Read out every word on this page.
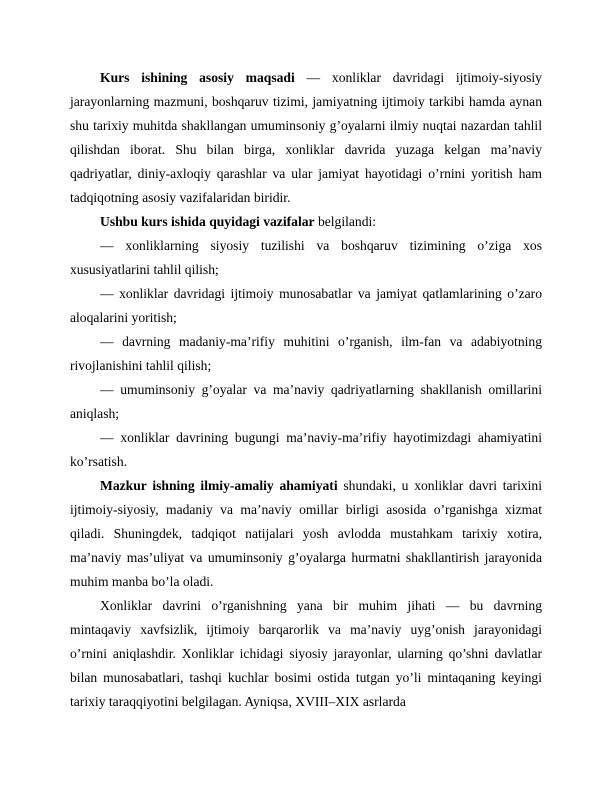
Kurs ishining asosiy maqsadi — xonliklar davridagi ijtimoiy-siyosiy jarayonlarning mazmuni, boshqaruv tizimi, jamiyatning ijtimoiy tarkibi hamda aynan shu tarixiy muhitda shakllangan umuminsoniy g’oyalarni ilmiy nuqtai nazardan tahlil qilishdan iborat. Shu bilan birga, xonliklar davrida yuzaga kelgan ma’naviy qadriyatlar, diniy-axloqiy qarashlar va ular jamiyat hayotidagi o’rnini yoritish ham tadqiqotning asosiy vazifalaridan biridir.

Ushbu kurs ishida quyidagi vazifalar belgilandi:

— xonliklarning siyosiy tuzilishi va boshqaruv tizimining o’ziga xos xususiyatlarini tahlil qilish;

— xonliklar davridagi ijtimoiy munosabatlar va jamiyat qatlamlarining o’zaro aloqalarini yoritish;

— davrning madaniy-ma’rifiy muhitini o’rganish, ilm-fan va adabiyotning rivojlanishini tahlil qilish;

— umuminsoniy g’oyalar va ma’naviy qadriyatlarning shakllanish omillarini aniqlash;

— xonliklar davrining bugungi ma’naviy-ma’rifiy hayotimizdagi ahamiyatini ko’rsatish.

Mazkur ishning ilmiy-amaliy ahamiyati shundaki, u xonliklar davri tarixini ijtimoiy-siyosiy, madaniy va ma’naviy omillar birligi asosida o’rganishga xizmat qiladi. Shuningdek, tadqiqot natijalari yosh avlodda mustahkam tarixiy xotira, ma’naviy mas’uliyat va umuminsoniy g’oyalarga hurmatni shakllantirish jarayonida muhim manba bo’la oladi.

Xonliklar davrini o’rganishning yana bir muhim jihati — bu davrning mintaqaviy xavfsizlik, ijtimoiy barqarorlik va ma’naviy uyg’onish jarayonidagi o’rnini aniqlashdir. Xonliklar ichidagi siyosiy jarayonlar, ularning qo’shni davlatlar bilan munosabatlari, tashqi kuchlar bosimi ostida tutgan yo’li mintaqaning keyingi tarixiy taraqqiyotini belgilagan. Ayniqsa, XVIII–XIX asrlarda
